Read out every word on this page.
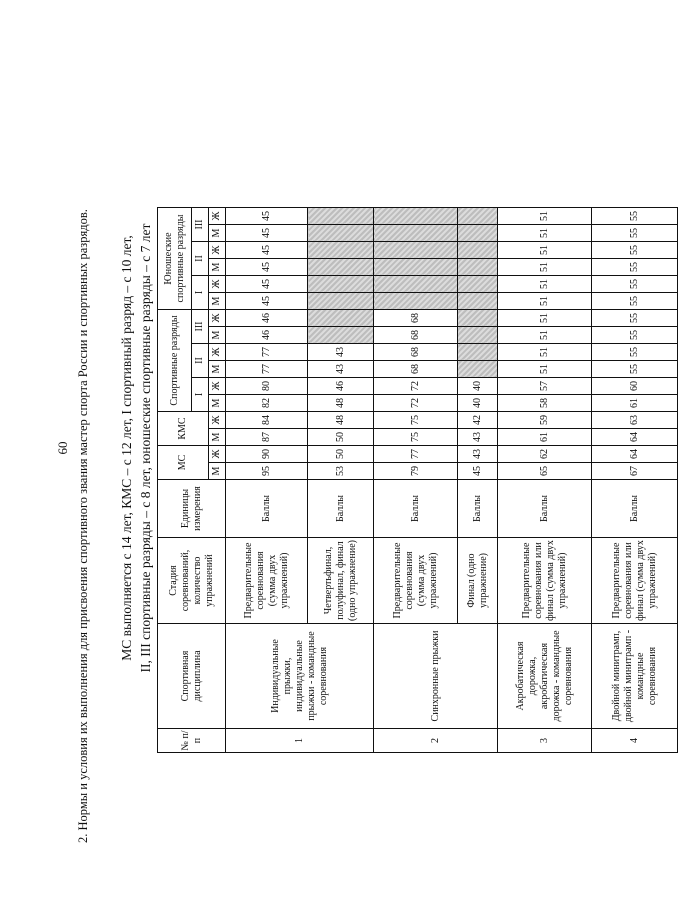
60 2. Нормы и условия их выполнения для присвоения спортивного звания мастер спорта России и спортивных разрядов. МС выполняется с 14 лет, КМС – с 12 лет, I спортивный разряд – с 10 лет, II, III спортивные разряды – с 8 лет, юношеские спортивные разряды – с 7 лет
№ п/п	Спортивная дисциплина	Стадия соревнований, количество упражнений	Единицы измерения	МС		КМС		Спортивные разряды						Юношеские спортивные разряды					

								I		II		III		I		II		III	
				М	Ж	М	Ж	М	Ж	М	Ж	М	Ж	М	Ж	М	Ж	М	Ж
1	Индивидуальные прыжки, индивидуальные прыжки - командные соревнования	Предварительные соревнования (сумма двух упражнений)	Баллы	95	90	87	84	82	80	77	77	46	46	45	45	45	45	45	45
		Четвертьфинал, полуфинал, финал (одно упражнение)	Баллы	53	50	50	48	48	46	43	43								
2	Синхронные прыжки	Предварительные соревнования (сумма двух упражнений)	Баллы	79	77	75	75	72	72	68	68	68	68						
		Финал (одно упражнение)	Баллы	45	43	43	42	40	40										
3	Акробатическая дорожка, акробатическая дорожка - командные соревнования	Предварительные соревнования или финал (сумма двух упражнений)	Баллы	65	62	61	59	58	57	51	51	51	51	51	51	51	51	51	51
4	Двойной минитрамп, двойной минитрамп - командные соревнования	Предварительные соревнования или финал (сумма двух упражнений)	Баллы	67	64	64	63	61	60	55	55	55	55	55	55	55	55	55	55
